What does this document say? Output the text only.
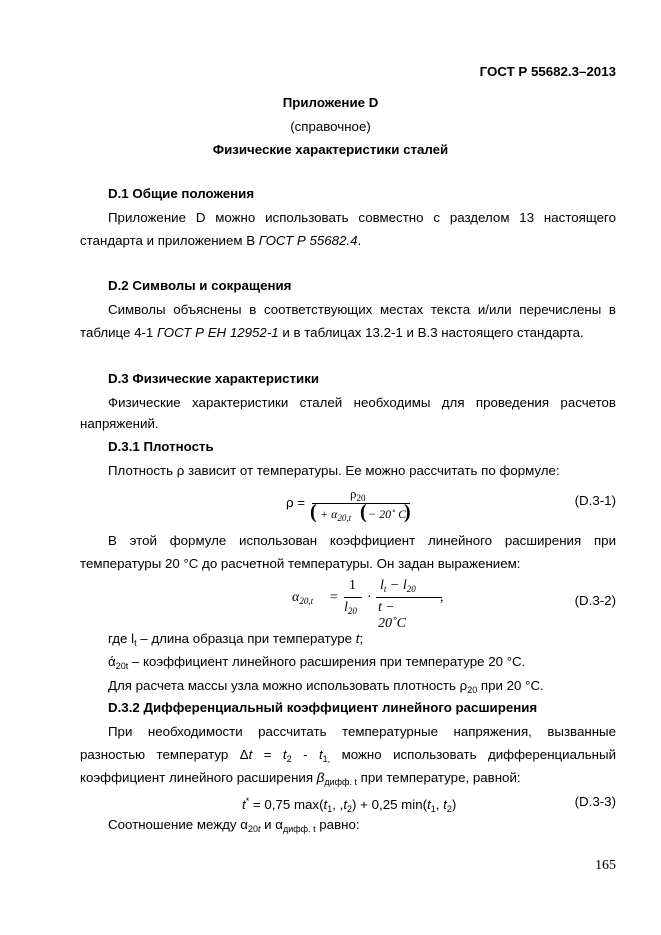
ГОСТ Р 55682.3–2013
Приложение D
(справочное)
Физические характеристики сталей
D.1 Общие положения
Приложение D можно использовать совместно с разделом 13 настоящего
стандарта и приложением В ГОСТ Р 55682.4.
D.2 Символы и сокращения
Символы объяснены в соответствующих местах текста и/или перечислены в
таблице 4-1 ГОСТ Р ЕН 12952-1 и в таблицах 13.2-1 и В.3 настоящего стандарта.
D.3 Физические характеристики
Физические характеристики сталей необходимы для проведения расчетов
напряжений.
D.3.1 Плотность
Плотность ρ зависит от температуры. Ее можно рассчитать по формуле:
ρ =
$\rho_{20}$
( + $\alpha_{20,t}$ ( − 20˚ C
)
(D.3-1)
В этой формуле использован коэффициент линейного расширения при
температуры 20 °С до расчетной температуры. Он задан выражением:
$\alpha_{20,t}$ =
1
$l_{20}$
·
$l_t - l_{20}$
t − 20˚C
,	(D.3-2)
где $l_t$ – длина образца при температуре t;
$ά_{20t}$ – коэффициент линейного расширения при температуре 20 °С.
Для расчета массы узла можно использовать плотность $\rho_{20}$ при 20 °С.
D.3.2 Дифференциальный коэффициент линейного расширения
При необходимости рассчитать температурные напряжения, вызванные
разностью температур $\Delta t = t_2 - t_{1,}$ можно использовать дифференциальный
коэффициент линейного расширения $\beta_{дифф. t}$ при температуре, равной:
t* = 0,75 $\max(t_1$, $,t_2) + 0,25$ $\min(t_1$, $t_2$)	(D.3-3)
Соотношение между $\alpha_{20t}$ и $\alpha_{дифф. t}$ равно:
165
